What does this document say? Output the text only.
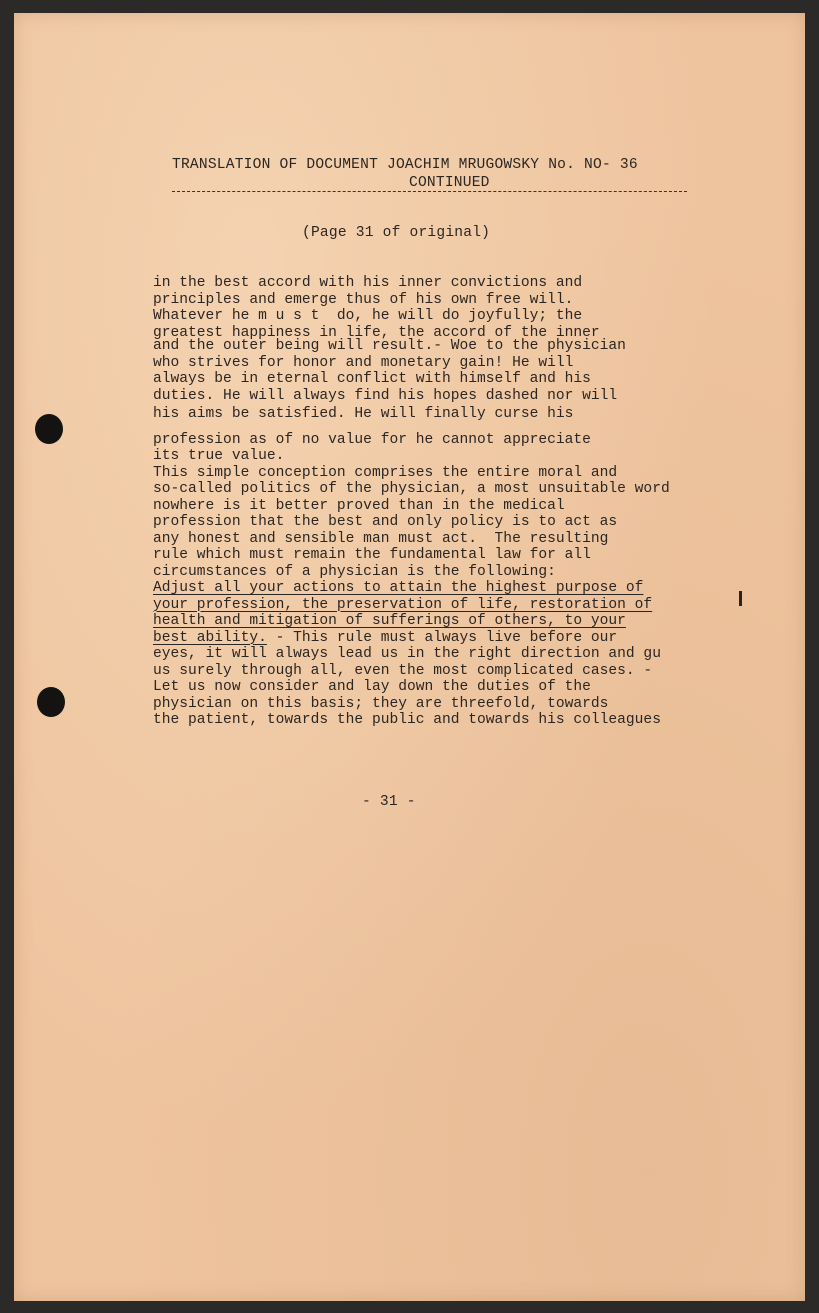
TRANSLATION OF DOCUMENT JOACHIM MRUGOWSKY No. NO- 36
CONTINUED
(Page 31 of original)
in the best accord with his inner convictions and
principles and emerge thus of his own free will.
Whatever he m u s t  do, he will do joyfully; the
greatest happiness in life, the accord of the inner
and the outer being will result.- Woe to the physician
who strives for honor and monetary gain! He will
always be in eternal conflict with himself and his
duties. He will always find his hopes dashed nor will
his aims be satisfied. He will finally curse his
profession as of no value for he cannot appreciate
its true value.
This simple conception comprises the entire moral and
so-called politics of the physician, a most unsuitable word
nowhere is it better proved than in the medical
profession that the best and only policy is to act as
any honest and sensible man must act.  The resulting
rule which must remain the fundamental law for all
circumstances of a physician is the following:
Adjust all your actions to attain the highest purpose of
your profession, the preservation of life, restoration of
health and mitigation of sufferings of others, to your
best ability. - This rule must always live before our
eyes, it will always lead us in the right direction and gu
us surely through all, even the most complicated cases. -
Let us now consider and lay down the duties of the
physician on this basis; they are threefold, towards
the patient, towards the public and towards his colleagues
- 31 -
